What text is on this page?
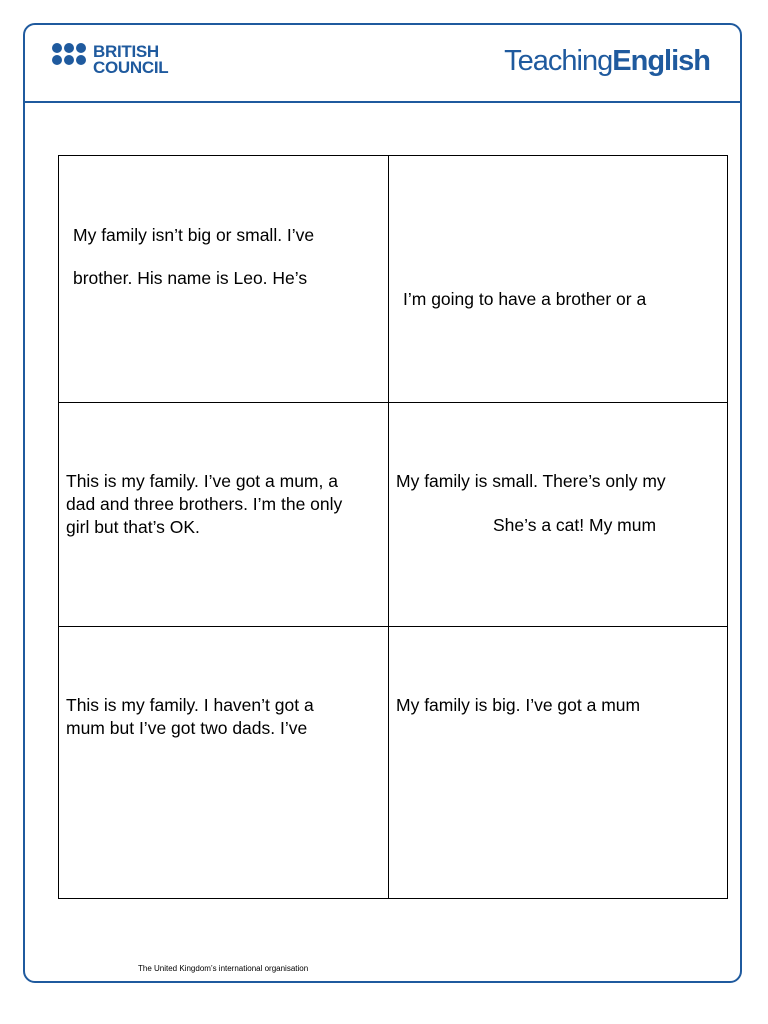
BRITISH
COUNCIL	TeachingEnglish
My family isn’t big or small. I’ve
brother. His name is Leo. He’s
I’m going to have a brother or a
This is my family. I’ve got a mum, a
dad and three brothers. I’m the only
girl but that’s OK.
My family is small. There’s only my
She’s a cat! My mum
This is my family. I haven’t got a
mum but I’ve got two dads. I’ve
My family is big. I’ve got a mum
The United Kingdom’s international organisation
